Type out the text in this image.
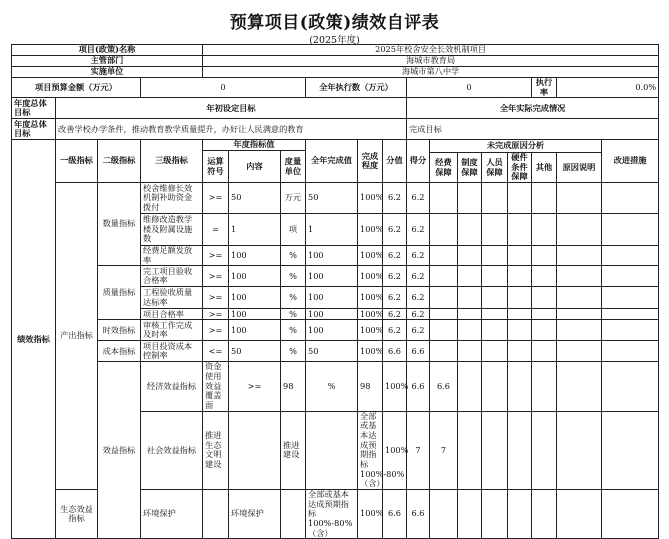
预算项目(政策)绩效自评表
(2025年度)
项目(政策)名称				2025年校舍安全长效机制项目														
主管部门				海城市教育局														
实施单位				海城市第八中学														
项目预算金额（万元）			0				全年执行数（万元）			0					执行率	0.0%		
年度总体目标	年初设定目标									全年实际完成情况								
年度总体目标	改善学校办学条件，推动教育教学质量提升，办好让人民满意的教育									完成目标								
绩效指标	一级指标	二级指标	三级指标	年度指标值			全年完成值	完成程度	分值	得分	未完成原因分析						改进措施	
				运算符号	内容	度量单位												
											经费保障	制度保障	人员保障	硬件条件保障	其他	原因说明		
	产出指标	数量指标	校舍维修长效机制补助资金拨付	>=	50	万元	50	100%	6.2	6.2								
			维修改造教学楼及附属设施数	=	1	项	1	100%	6.2	6.2								

			经费足额发放率	>=	100	%	100	100%	6.2	6.2								

		质量指标	完工项目验收合格率	>=	100	%	100	100%	6.2	6.2								
			工程验收质量达标率	>=	100	%	100	100%	6.2	6.2								

			项目合格率	>=	100	%	100	100%	6.2	6.2								
		时效指标	审核工作完成及时率	>=	100	%	100	100%	6.2	6.2								
		成本指标	项目投资成本控制率	<=	50	%	50	100%	6.6	6.6								
		效益指标	经济效益指标	资金使用效益覆盖面	>=	98	%	98	100%	6.6	6.6							
			社会效益指标	推进生态文明建设		推进建设		全部或基本达成预期指标100%-80%（含）	100%	7	7							
	生态效益指标		环境保护		环境保护		全部或基本达成预期指标100%-80%（含）	100%	6.6	6.6								
